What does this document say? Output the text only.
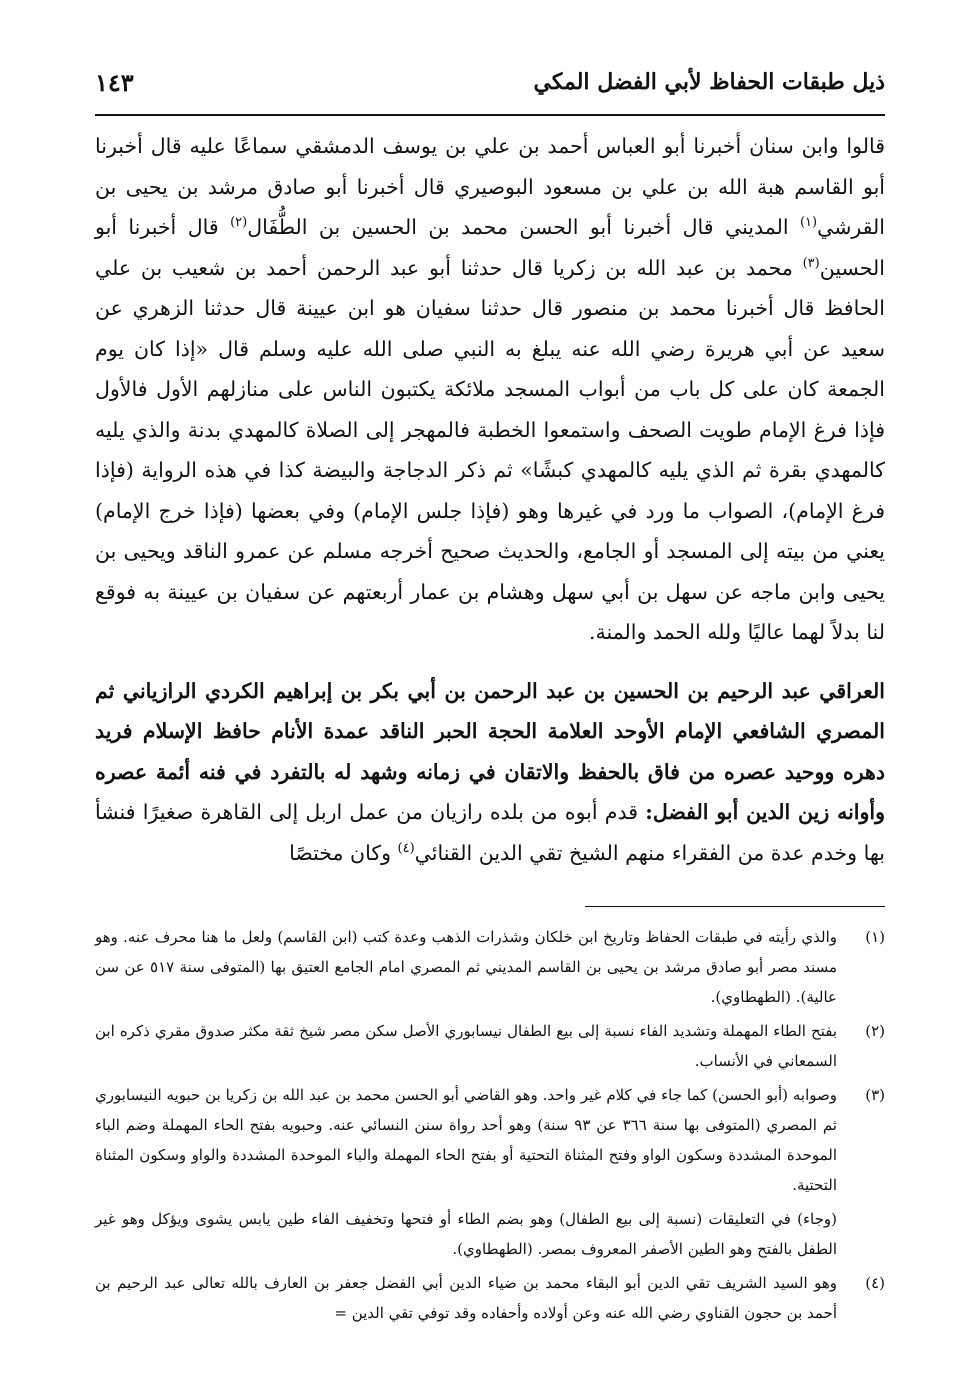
ذيل طبقات الحفاظ لأبي الفضل المكي
١٤٣

قالوا وابن سنان أخبرنا أبو العباس أحمد بن علي بن يوسف الدمشقي سماعًا عليه قال أخبرنا أبو القاسم هبة الله بن علي بن مسعود البوصيري قال أخبرنا أبو صادق مرشد بن يحيى بن القرشي$^{(١)}$ المديني قال أخبرنا أبو الحسن محمد بن الحسين بن الطُّفَال$^{(٢)}$ قال أخبرنا أبو الحسين$^{(٣)}$ محمد بن عبد الله بن زكريا قال حدثنا أبو عبد الرحمن أحمد بن شعيب بن علي الحافظ قال أخبرنا محمد بن منصور قال حدثنا سفيان هو ابن عيينة قال حدثنا الزهري عن سعيد عن أبي هريرة رضي الله عنه يبلغ به النبي صلى الله عليه وسلم قال «إذا كان يوم الجمعة كان على كل باب من أبواب المسجد ملائكة يكتبون الناس على منازلهم الأول فالأول فإذا فرغ الإمام طويت الصحف واستمعوا الخطبة فالمهجر إلى الصلاة كالمهدي بدنة والذي يليه كالمهدي بقرة ثم الذي يليه كالمهدي كبشًا» ثم ذكر الدجاجة والبيضة كذا في هذه الرواية (فإذا فرغ الإمام)، الصواب ما ورد في غيرها وهو (فإذا جلس الإمام) وفي بعضها (فإذا خرج الإمام) يعني من بيته إلى المسجد أو الجامع، والحديث صحيح أخرجه مسلم عن عمرو الناقد ويحيى بن يحيى وابن ماجه عن سهل بن أبي سهل وهشام بن عمار أربعتهم عن سفيان بن عيينة به فوقع لنا بدلاً لهما عاليًا ولله الحمد والمنة.

العراقي عبد الرحيم بن الحسين بن عبد الرحمن بن أبي بكر بن إبراهيم الكردي الرازياني ثم المصري الشافعي الإمام الأوحد العلامة الحجة الحبر الناقد عمدة الأنام حافظ الإسلام فريد دهره ووحيد عصره من فاق بالحفظ والاتقان في زمانه وشهد له بالتفرد في فنه أئمة عصره وأوانه زين الدين أبو الفضل: قدم أبوه من بلده رازيان من عمل اربل إلى القاهرة صغيرًا فنشأ بها وخدم عدة من الفقراء منهم الشيخ تقي الدين القنائي$^{(٤)}$ وكان مختصًا

(١)
والذي رأيته في طبقات الحفاظ وتاريخ ابن خلكان وشذرات الذهب وعدة كتب (ابن القاسم) ولعل ما هنا محرف عنه. وهو مسند مصر أبو صادق مرشد بن يحيى بن القاسم المديني ثم المصري امام الجامع العتيق بها (المتوفى سنة ٥١٧ عن سن عالية). (الطهطاوي).
(٢)
بفتح الطاء المهملة وتشديد الفاء نسبة إلى بيع الطفال نيسابوري الأصل سكن مصر شيخ ثقة مكثر صدوق مقري ذكره ابن السمعاني في الأنساب.
(٣)
وصوابه (أبو الحسن) كما جاء في كلام غير واحد. وهو القاضي أبو الحسن محمد بن عبد الله بن زكريا بن حبويه النيسابوري ثم المصري (المتوفى بها سنة ٣٦٦ عن ٩٣ سنة) وهو أحد رواة سنن النسائي عنه. وحبويه بفتح الحاء المهملة وضم الباء الموحدة المشددة وسكون الواو وفتح المثناة التحتية أو بفتح الحاء المهملة والباء الموحدة المشددة والواو وسكون المثناة التحتية.
(وجاء) في التعليقات (نسبة إلى بيع الطفال) وهو بضم الطاء أو فتحها وتخفيف الفاء طين يابس يشوى ويؤكل وهو غير الطفل بالفتح وهو الطين الأصفر المعروف بمصر. (الطهطاوي).
(٤)
وهو السيد الشريف تقي الدين أبو البقاء محمد بن ضياء الدين أبي الفضل جعفر بن العارف بالله تعالى عبد الرحيم بن أحمد بن حجون القناوي رضي الله عنه وعن أولاده وأحفاده وقد توفي تقي الدين =
